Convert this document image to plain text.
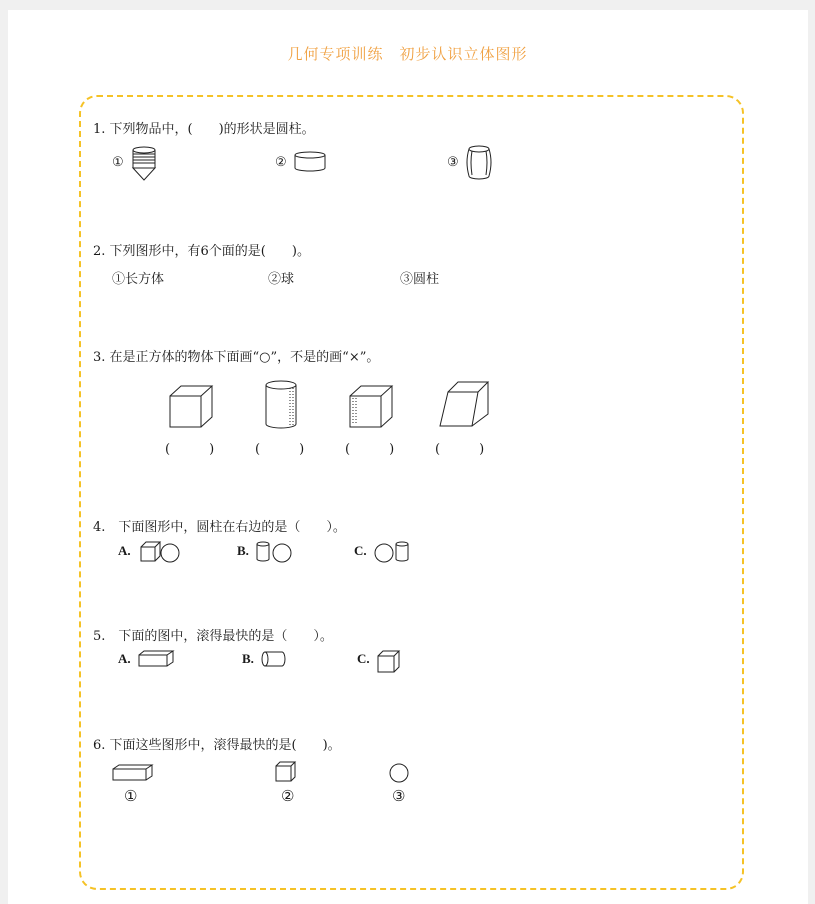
几何专项训练　初步认识立体图形
1. 下列物品中，(　　)的形状是圆柱。
①	②	③
2. 下列图形中，有6个面的是(　　)。
①长方体	②球	③圆柱
3. 在是正方体的物体下面画“○”，不是的画“×”。
(　　　)	(　　　)	(　　　)	(　　　)
4.　下面图形中，圆柱在右边的是（　　）。
A.	B.	C.
5.　下面的图中，滚得最快的是（　　）。
A.	B.	C.
6. 下面这些图形中，滚得最快的是(　　)。
①	②	③
